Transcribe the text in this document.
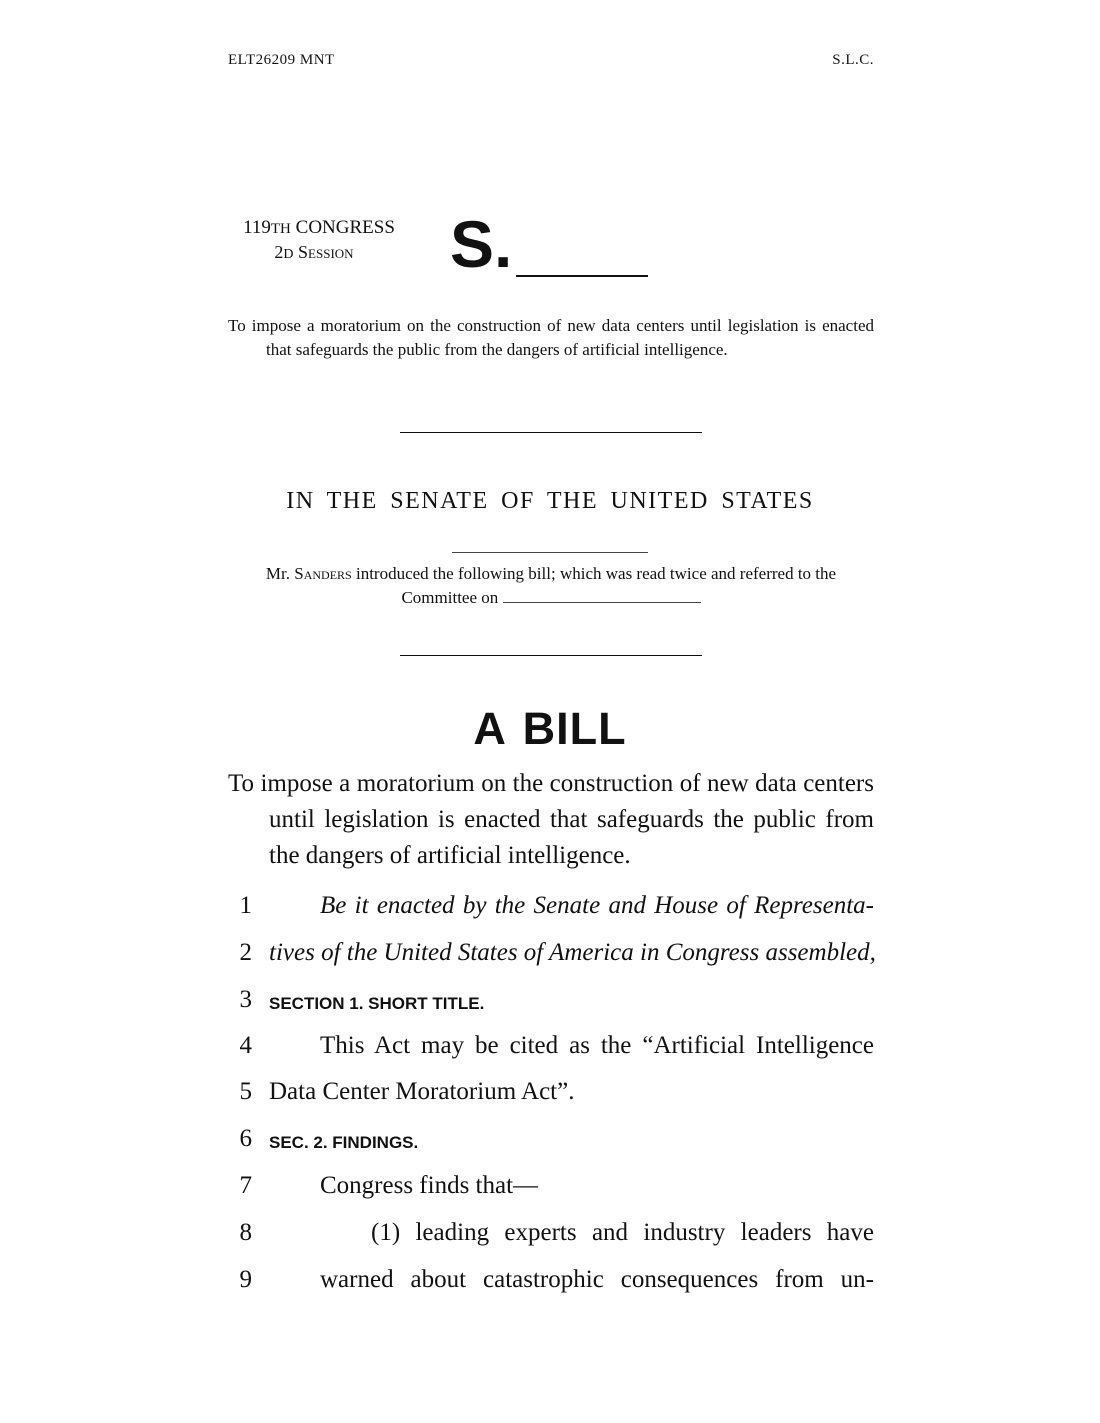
ELT26209 MNT	S.L.C.
119TH CONGRESS
2D Session	S.
To impose a moratorium on the construction of new data centers until legislation is enacted that safeguards the public from the dangers of artificial intelligence.
IN THE SENATE OF THE UNITED STATES
Mr. Sanders introduced the following bill; which was read twice and referred to the Committee on
A BILL
To impose a moratorium on the construction of new data centers until legislation is enacted that safeguards the public from the dangers of artificial intelligence.
1	Be it enacted by the Senate and House of Representa-
2 tives of the United States of America in Congress assembled,
3 SECTION 1. SHORT TITLE.
4	This Act may be cited as the “Artificial Intelligence
5 Data Center Moratorium Act”.
6 SEC. 2. FINDINGS.
7	Congress finds that—
8	(1) leading experts and industry leaders have
9	warned about catastrophic consequences from un-
